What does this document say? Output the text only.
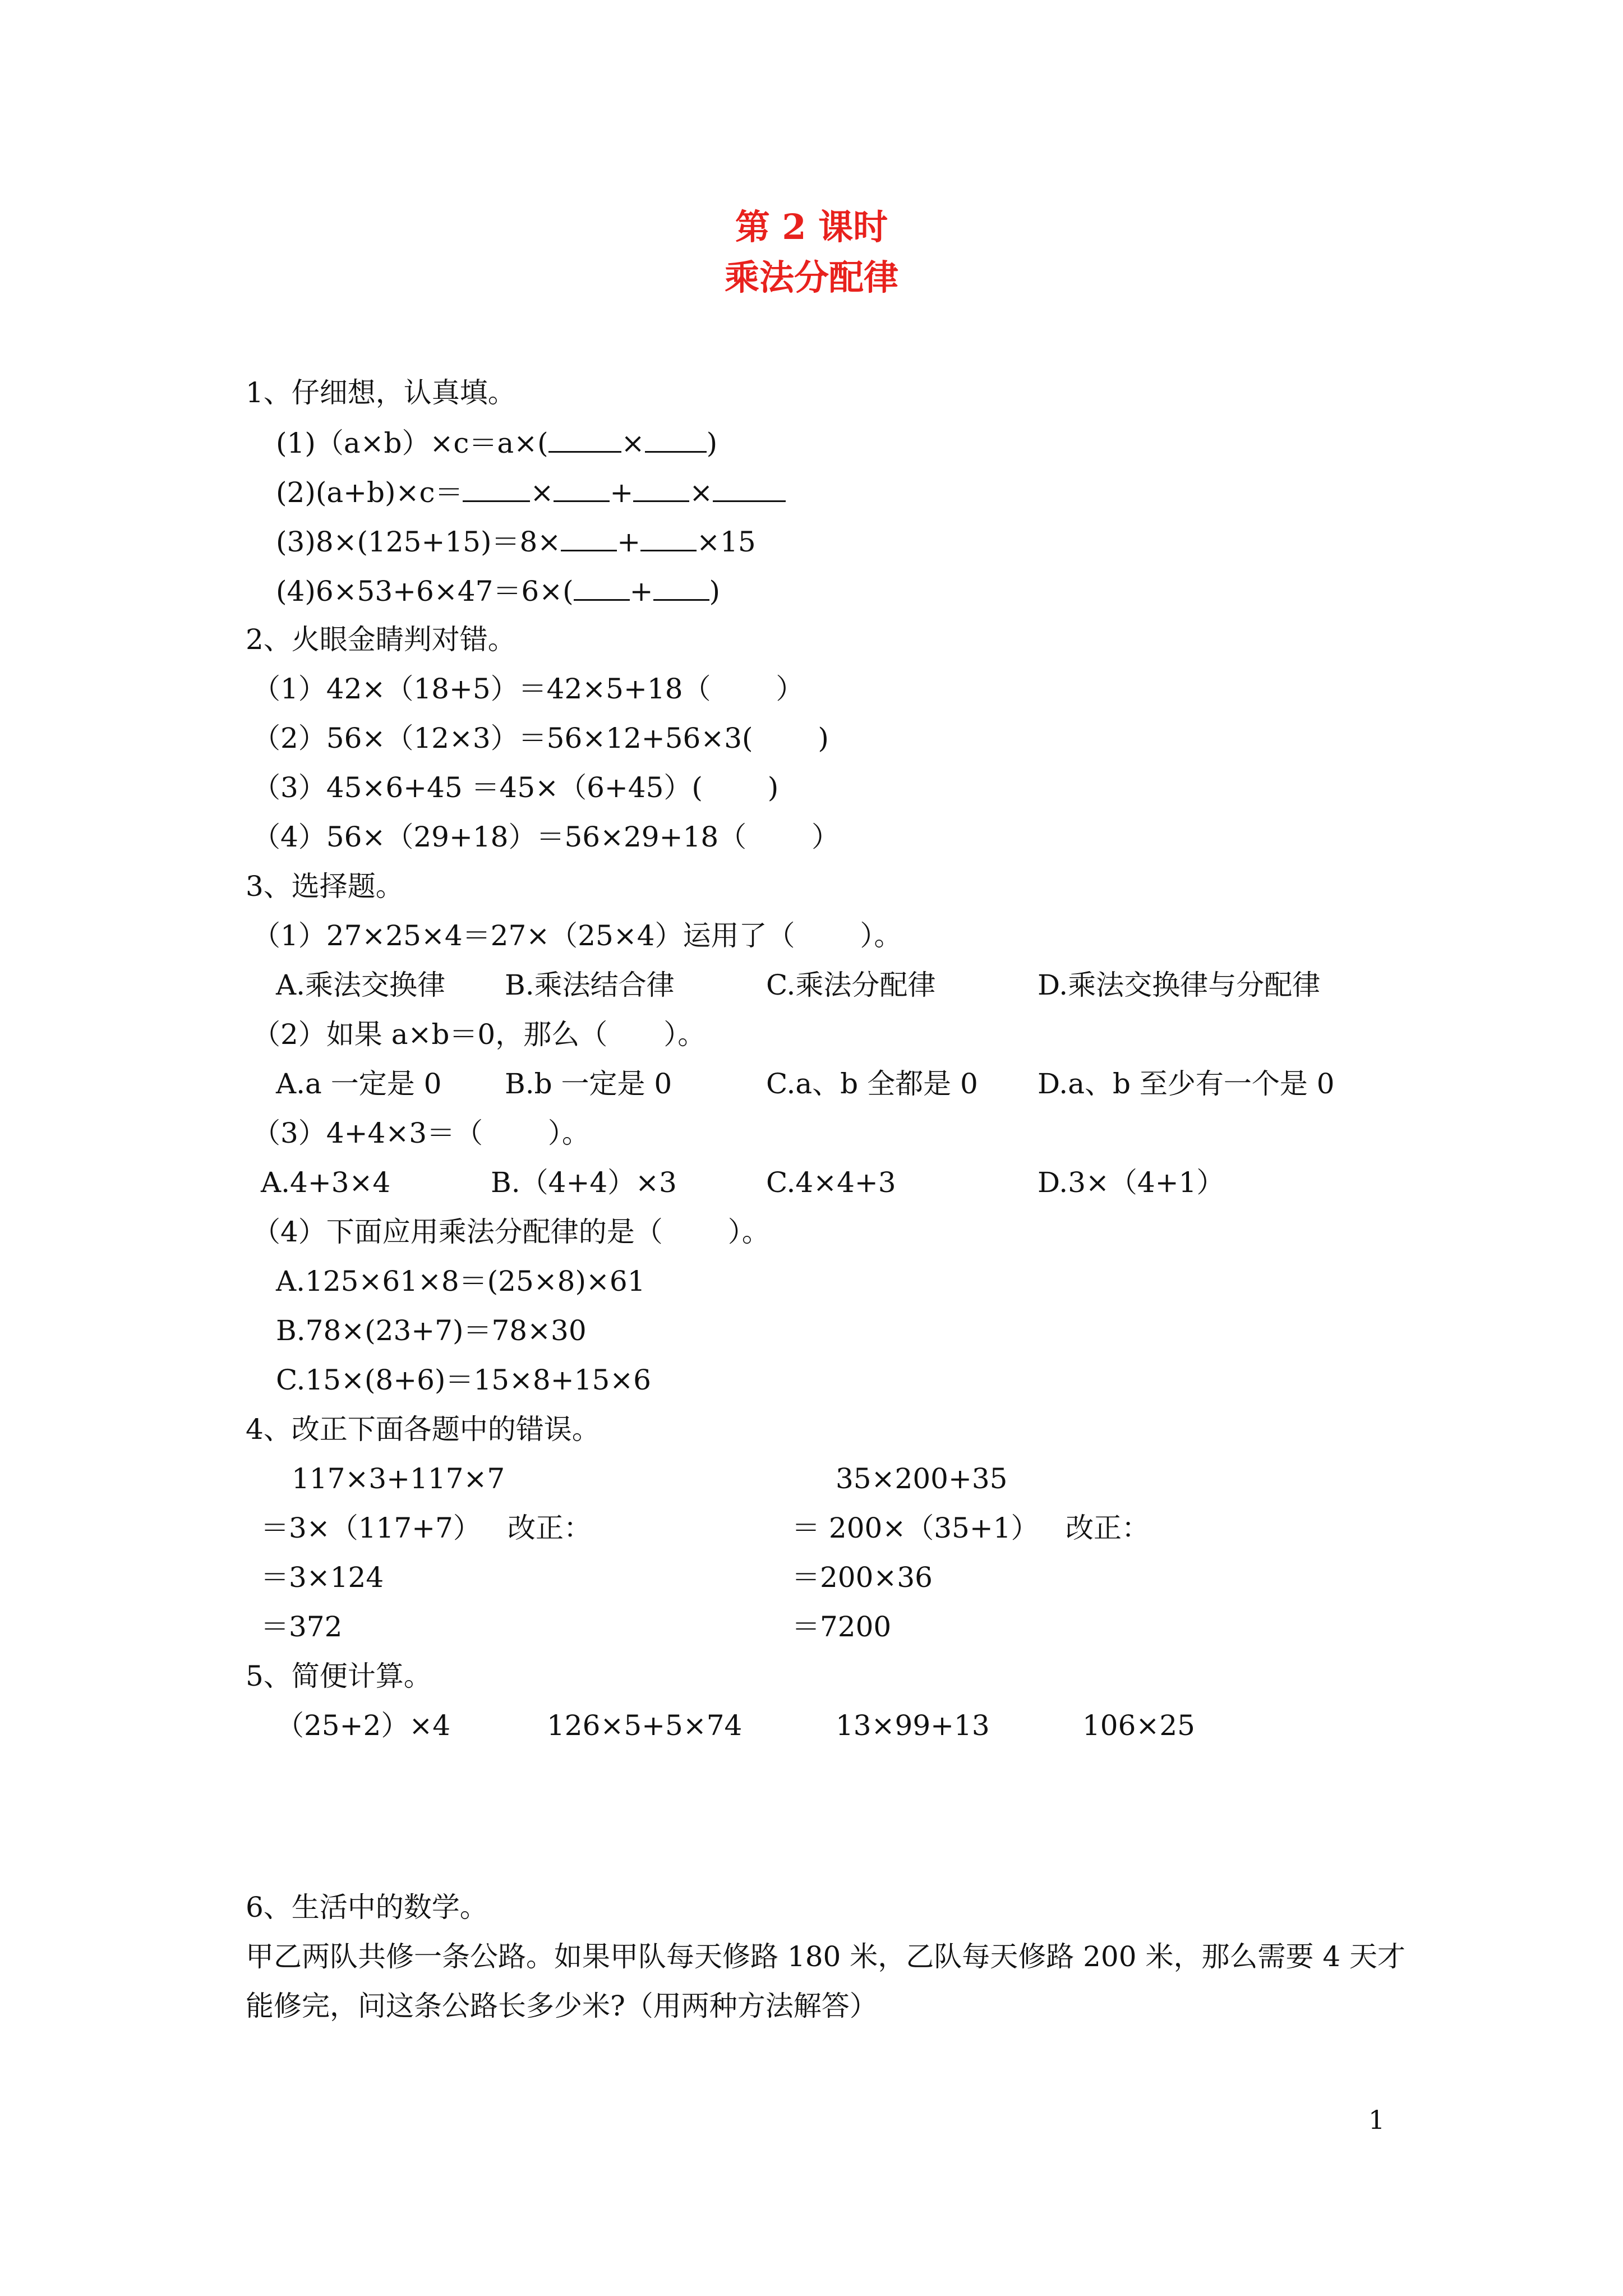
第 2 课时
乘法分配律
1、仔细想，认真填。
(1)（a×b）×c＝a×(	× )
(2)(a+b)×c＝ × + ×
(3)8×(125+15)＝8× + ×15
(4)6×53+6×47＝6×( + )
2、火眼金睛判对错。
（1）42×（18+5）＝42×5+18（　　 ）
（2）56×（12×3）＝56×12+56×3(　　 )
（3）45×6+45 ＝45×（6+45）(　　 )
（4）56×（29+18）＝56×29+18（　　 ）
3、选择题。
（1）27×25×4＝27×（25×4）运用了（　　 ）。
A.乘法交换律 B.乘法结合律	C.乘法分配律	D.乘法交换律与分配律
（2）如果 a×b＝0，那么（　　）。
A.a 一定是 0 B.b 一定是 0	C.a、b 全都是 0 D.a、b 至少有一个是 0
（3）4+4×3＝（　　 ）。
A.4+3×4	B.（4+4）×3	C.4×4+3	D.3×（4+1）
（4）下面应用乘法分配律的是（　　 ）。
A.125×61×8＝(25×8)×61
B.78×(23+7)＝78×30
C.15×(8+6)＝15×8+15×6
4、改正下面各题中的错误。
117×3+117×7
＝3×（117+7） 改正：
＝3×124
＝372
35×200+35
＝ 200×（35+1） 改正：
＝200×36
＝7200
5、简便计算。
（25+2）×4	126×5+5×74	13×99+13	106×25
6、生活中的数学。
甲乙两队共修一条公路。如果甲队每天修路 180 米，乙队每天修路 200 米，那么需要 4 天才
能修完，问这条公路长多少米?（用两种方法解答）
1
